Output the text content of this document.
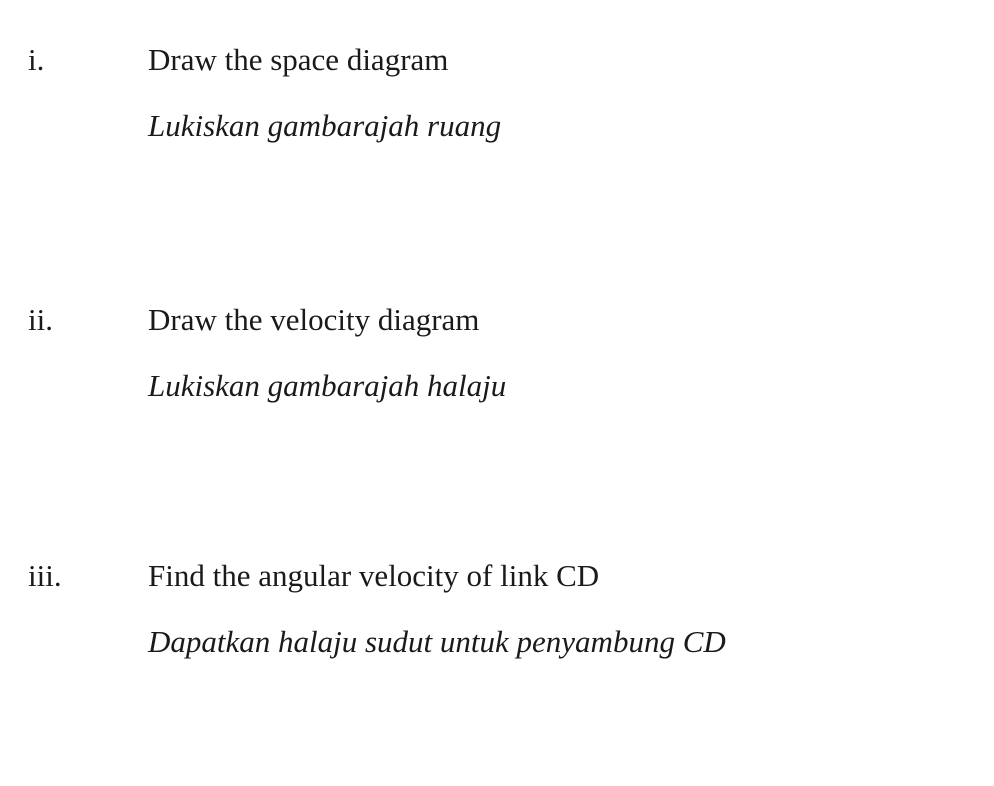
i.	Draw the space diagram
Lukiskan gambarajah ruang
ii.	Draw the velocity diagram
Lukiskan gambarajah halaju
iii.	Find the angular velocity of link CD
Dapatkan halaju sudut untuk penyambung CD
